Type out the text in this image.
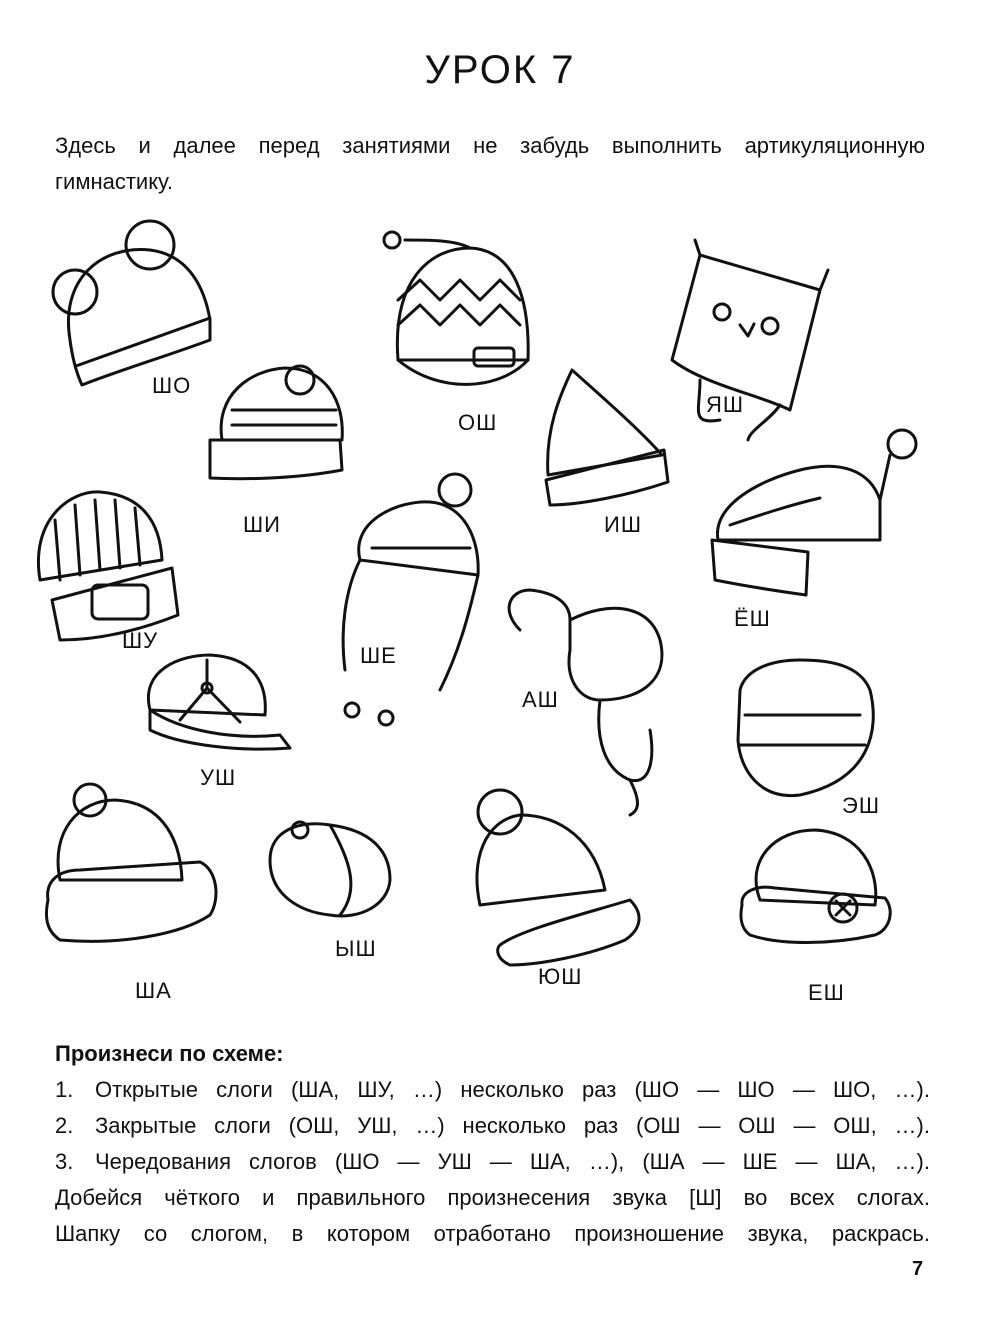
УРОК 7
Здесь и далее перед занятиями не забудь выполнить артикуляционную гимнастику.
ШО
ОШ
ЯШ
ШИ	ИШ
ШУ
ШЕ
ЁШ
АШ
УШ
ЭШ
ША
ЫШ
ЮШ
ЕШ
Произнеси по схеме:
1. Открытые слоги (ША, ШУ, …) несколько раз (ШО — ШО — ШО, …).
2. Закрытые слоги (ОШ, УШ, …) несколько раз (ОШ — ОШ — ОШ, …).
3. Чередования слогов (ШО — УШ — ША, …), (ША — ШЕ — ША, …).
Добейся чёткого и правильного произнесения звука [Ш] во всех слогах.
Шапку со слогом, в котором отработано произношение звука, раскрась.
7
